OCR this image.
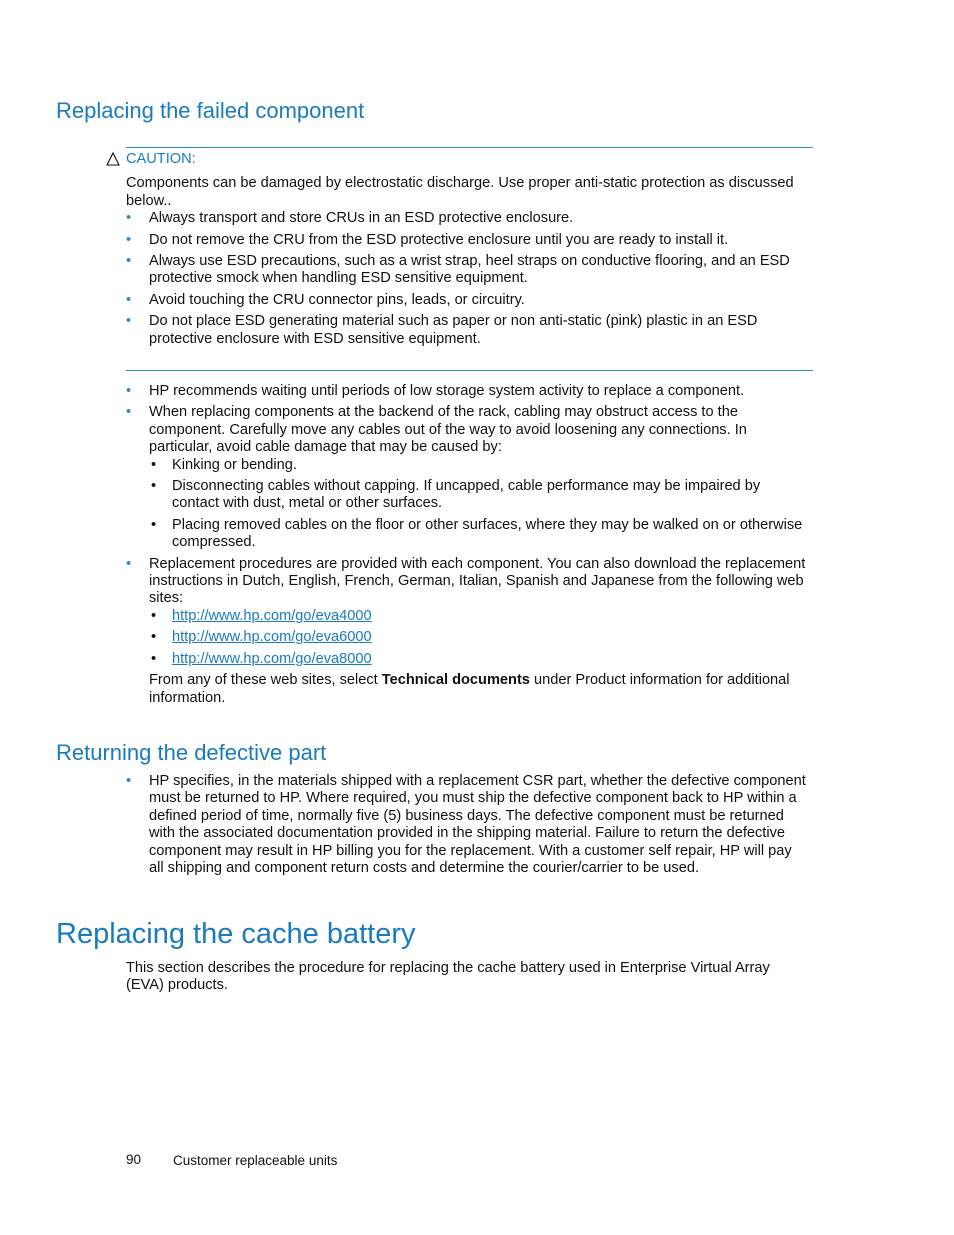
Replacing the failed component
CAUTION:

Components can be damaged by electrostatic discharge. Use proper anti-static protection as discussed below..

• Always transport and store CRUs in an ESD protective enclosure.
• Do not remove the CRU from the ESD protective enclosure until you are ready to install it.
• Always use ESD precautions, such as a wrist strap, heel straps on conductive flooring, and an ESD protective smock when handling ESD sensitive equipment.
• Avoid touching the CRU connector pins, leads, or circuitry.
• Do not place ESD generating material such as paper or non anti-static (pink) plastic in an ESD protective enclosure with ESD sensitive equipment.
• HP recommends waiting until periods of low storage system activity to replace a component.
• When replacing components at the backend of the rack, cabling may obstruct access to the component. Carefully move any cables out of the way to avoid loosening any connections. In particular, avoid cable damage that may be caused by:
• Kinking or bending.
• Disconnecting cables without capping. If uncapped, cable performance may be impaired by contact with dust, metal or other surfaces.
• Placing removed cables on the floor or other surfaces, where they may be walked on or otherwise compressed.
• Replacement procedures are provided with each component. You can also download the replacement instructions in Dutch, English, French, German, Italian, Spanish and Japanese from the following web sites:
• http://www.hp.com/go/eva4000
• http://www.hp.com/go/eva6000
• http://www.hp.com/go/eva8000

From any of these web sites, select Technical documents under Product information for additional information.

Returning the defective part
• HP specifies, in the materials shipped with a replacement CSR part, whether the defective component must be returned to HP. Where required, you must ship the defective component back to HP within a defined period of time, normally five (5) business days. The defective component must be returned with the associated documentation provided in the shipping material. Failure to return the defective component may result in HP billing you for the replacement. With a customer self repair, HP will pay all shipping and component return costs and determine the courier/carrier to be used.
Replacing the cache battery

This section describes the procedure for replacing the cache battery used in Enterprise Virtual Array (EVA) products.

90 Customer replaceable units
